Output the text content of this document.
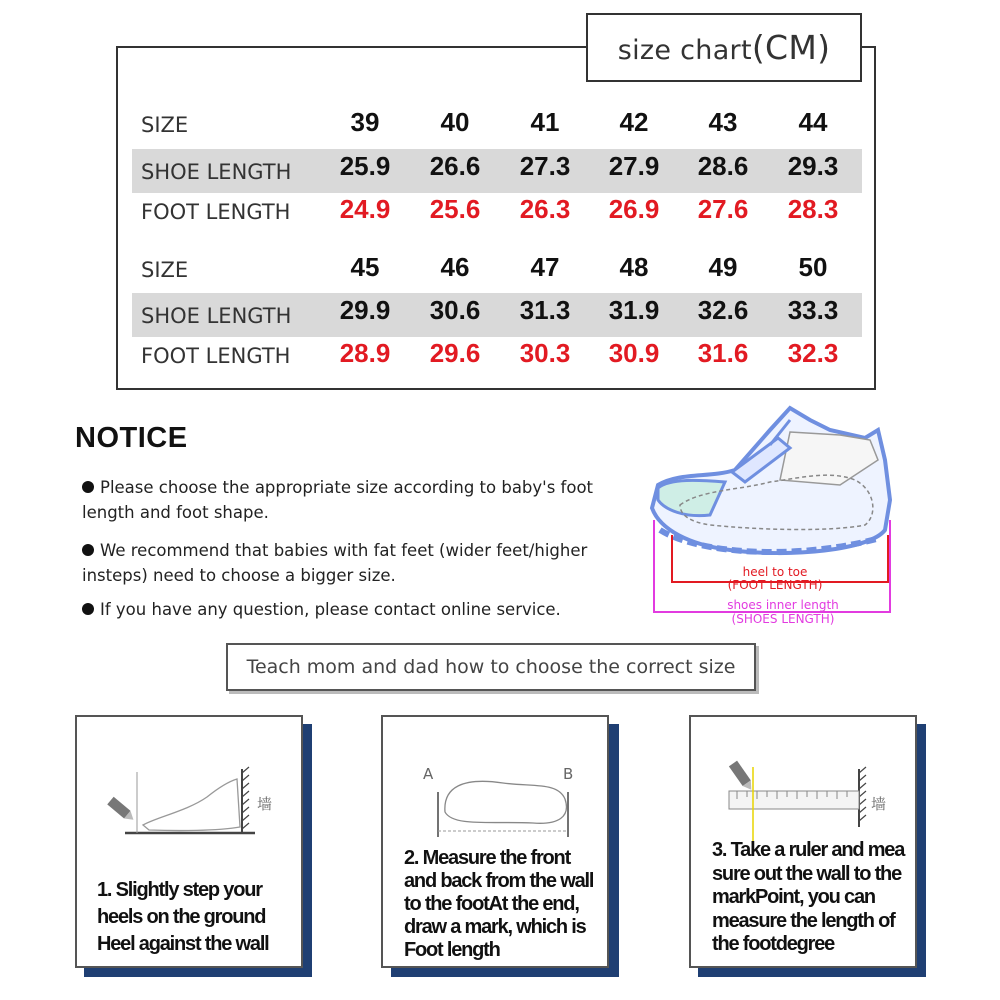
size chart(CM)
SIZE	39	40	41	42	43	44
SHOE LENGTH	25.9	26.6	27.3	27.9	28.6	29.3
FOOT LENGTH	24.9	25.6	26.3	26.9	27.6	28.3
SIZE	45	46	47	48	49	50
SHOE LENGTH	29.9	30.6	31.3	31.9	32.6	33.3
FOOT LENGTH	28.9	29.6	30.3	30.9	31.6	32.3
NOTICE
Please choose the appropriate size according to baby's foot length and foot shape.
We recommend that babies with fat feet (wider feet/higher insteps) need to choose a bigger size.
If you have any question, please contact online service.
heel to toe
(FOOT LENGTH)
shoes inner length
(SHOES LENGTH)
Teach mom and dad how to choose the correct size
墙
1. Slightly step your
heels on the ground
Heel against the wall
A	B
2. Measure the front
and back from the wall
to the footAt the end,
draw a mark, which is
Foot length
墙
3. Take a ruler and mea
sure out the wall to the
markPoint, you can
measure the length of
the footdegree
